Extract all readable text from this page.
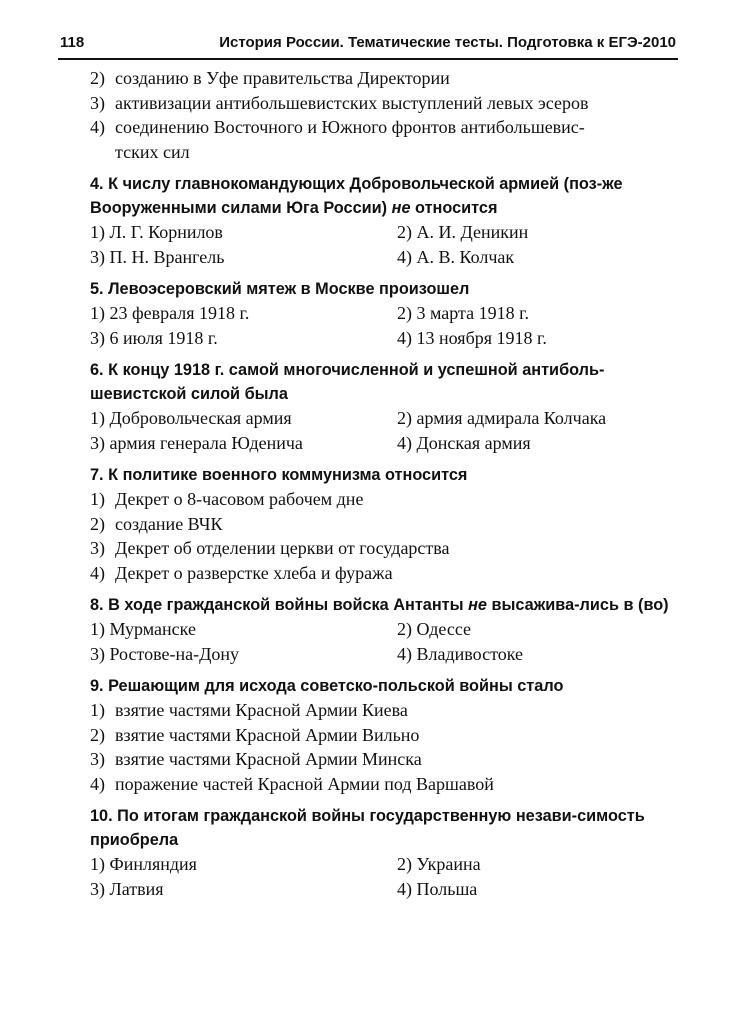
118	История России. Тематические тесты. Подготовка к ЕГЭ-2010
2) созданию в Уфе правительства Директории
3) активизации антибольшевистских выступлений левых эсеров
4) соединению Восточного и Южного фронтов антибольшевис-
тских сил
4. К числу главнокомандующих Добровольческой армией (поз-же Вооруженными силами Юга России) не относится
1) Л. Г. Корнилов	2) А. И. Деникин
3) П. Н. Врангель	4) А. В. Колчак
5. Левоэсеровский мятеж в Москве произошел
1) 23 февраля 1918 г.	2) 3 марта 1918 г.
3) 6 июля 1918 г.	4) 13 ноября 1918 г.
6. К концу 1918 г. самой многочисленной и успешной антиболь-шевистской силой была
1) Добровольческая армия	2) армия адмирала Колчака
3) армия генерала Юденича	4) Донская армия
7. К политике военного коммунизма относится
1) Декрет о 8-часовом рабочем дне
2) создание ВЧК
3) Декрет об отделении церкви от государства
4) Декрет о разверстке хлеба и фуража
8. В ходе гражданской войны войска Антанты не высажива-лись в (во)
1) Мурманске	2) Одессе
3) Ростове-на-Дону	4) Владивостоке
9. Решающим для исхода советско-польской войны стало
1) взятие частями Красной Армии Киева
2) взятие частями Красной Армии Вильно
3) взятие частями Красной Армии Минска
4) поражение частей Красной Армии под Варшавой
10. По итогам гражданской войны государственную незави-симость приобрела
1) Финляндия	2) Украина
3) Латвия	4) Польша
